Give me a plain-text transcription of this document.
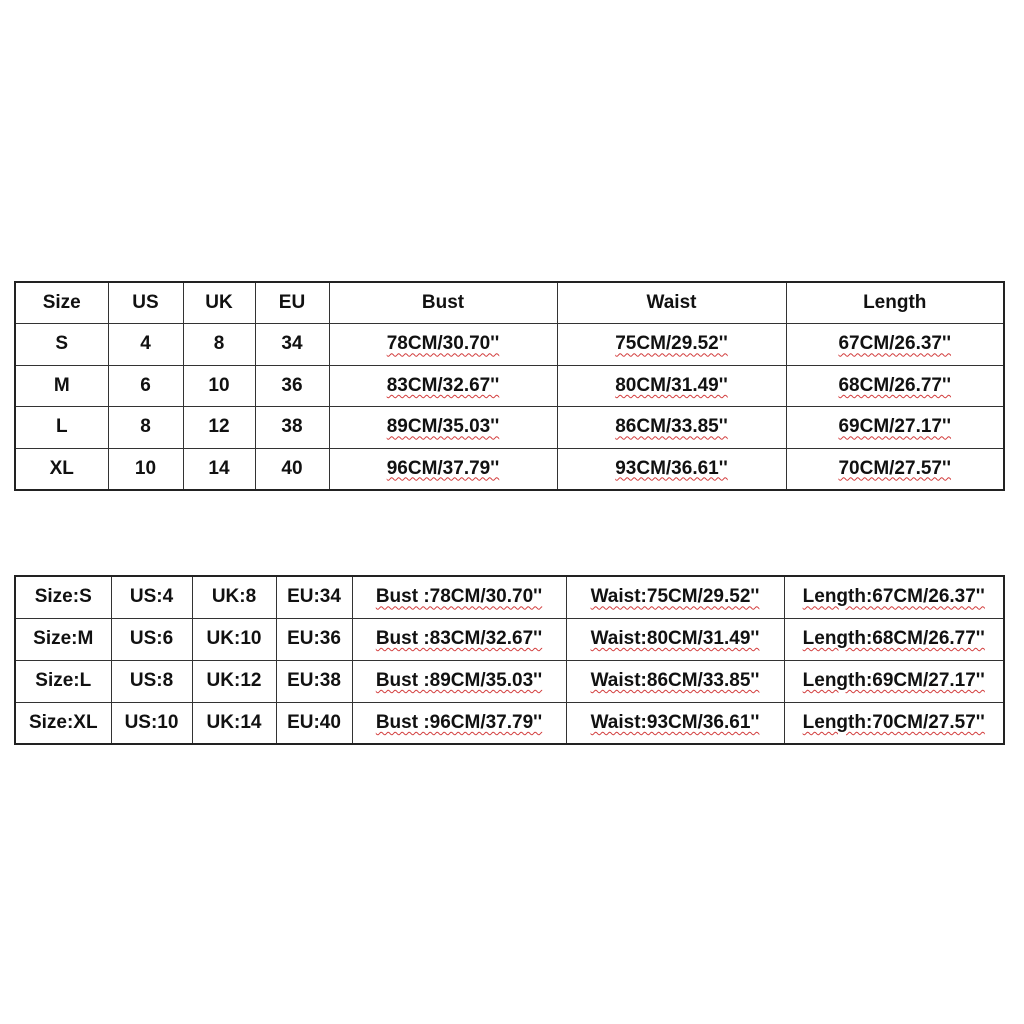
Size	US	UK	EU	Bust	Waist	Length
S	4	8	34	78CM/30.70''	75CM/29.52''	67CM/26.37''
M	6	10	36	83CM/32.67''	80CM/31.49''	68CM/26.77''
L	8	12	38	89CM/35.03''	86CM/33.85''	69CM/27.17''
XL	10	14	40	96CM/37.79''	93CM/36.61''	70CM/27.57''
Size:S	US:4	UK:8	EU:34	Bust :78CM/30.70''	Waist:75CM/29.52''	Length:67CM/26.37''
Size:M	US:6	UK:10	EU:36	Bust :83CM/32.67''	Waist:80CM/31.49''	Length:68CM/26.77''
Size:L	US:8	UK:12	EU:38	Bust :89CM/35.03''	Waist:86CM/33.85''	Length:69CM/27.17''
Size:XL	US:10	UK:14	EU:40	Bust :96CM/37.79''	Waist:93CM/36.61''	Length:70CM/27.57''
